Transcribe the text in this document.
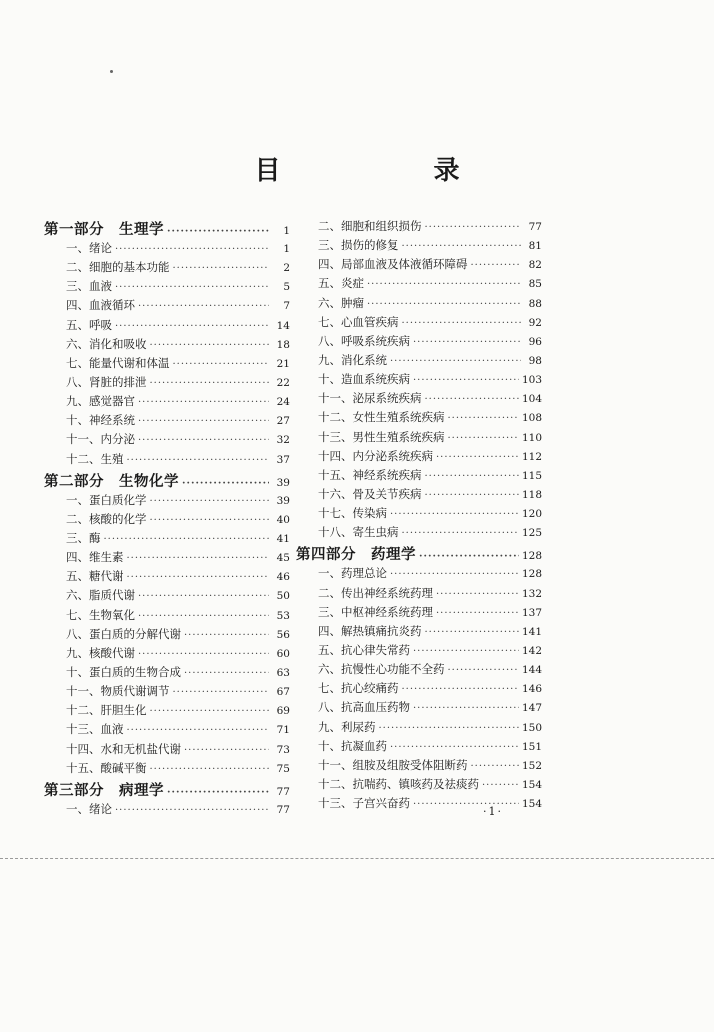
目 录
第一部分　生理学 ·····	1
一、绪论 ·····	1
二、细胞的基本功能 ·····	2
三、血液 ·····	5
四、血液循环 ·····	7
五、呼吸 ·····	14
六、消化和吸收 ·····	18
七、能量代谢和体温 ·····	21
八、肾脏的排泄 ·····	22
九、感觉器官 ·····	24
十、神经系统 ·····	27
十一、内分泌 ·····	32
十二、生殖 ·····	37
第二部分　生物化学 ·····	39
一、蛋白质化学 ·····	39
二、核酸的化学 ·····	40
三、酶 ·····	41
四、维生素 ·····	45
五、糖代谢 ·····	46
六、脂质代谢 ·····	50
七、生物氧化 ·····	53
八、蛋白质的分解代谢 ·····	56
九、核酸代谢 ·····	60
十、蛋白质的生物合成 ·····	63
十一、物质代谢调节 ·····	67
十二、肝胆生化 ·····	69
十三、血液 ·····	71
十四、水和无机盐代谢 ·····	73
十五、酸碱平衡 ·····	75
第三部分　病理学 ·····	77
一、绪论 ·····	77
二、细胞和组织损伤 ·····	77
三、损伤的修复 ·····	81
四、局部血液及体液循环障碍 ·····	82
五、炎症 ·····	85
六、肿瘤 ·····	88
七、心血管疾病 ·····	92
八、呼吸系统疾病 ·····	96
九、消化系统 ·····	98
十、造血系统疾病 ·····	103
十一、泌尿系统疾病 ·····	104
十二、女性生殖系统疾病 ·····	108
十三、男性生殖系统疾病 ·····	110
十四、内分泌系统疾病 ·····	112
十五、神经系统疾病 ·····	115
十六、骨及关节疾病 ·····	118
十七、传染病 ·····	120
十八、寄生虫病 ·····	125
第四部分　药理学 ·····	128
一、药理总论 ·····	128
二、传出神经系统药理 ·····	132
三、中枢神经系统药理 ·····	137
四、解热镇痛抗炎药 ·····	141
五、抗心律失常药 ·····	142
六、抗慢性心功能不全药 ·····	144
七、抗心绞痛药 ·····	146
八、抗高血压药物 ·····	147
九、利尿药 ·····	150
十、抗凝血药 ·····	151
十一、组胺及组胺受体阻断药 ·····	152
十二、抗喘药、镇咳药及祛痰药 ·····	154
十三、子宫兴奋药 ·····	154
·1·
